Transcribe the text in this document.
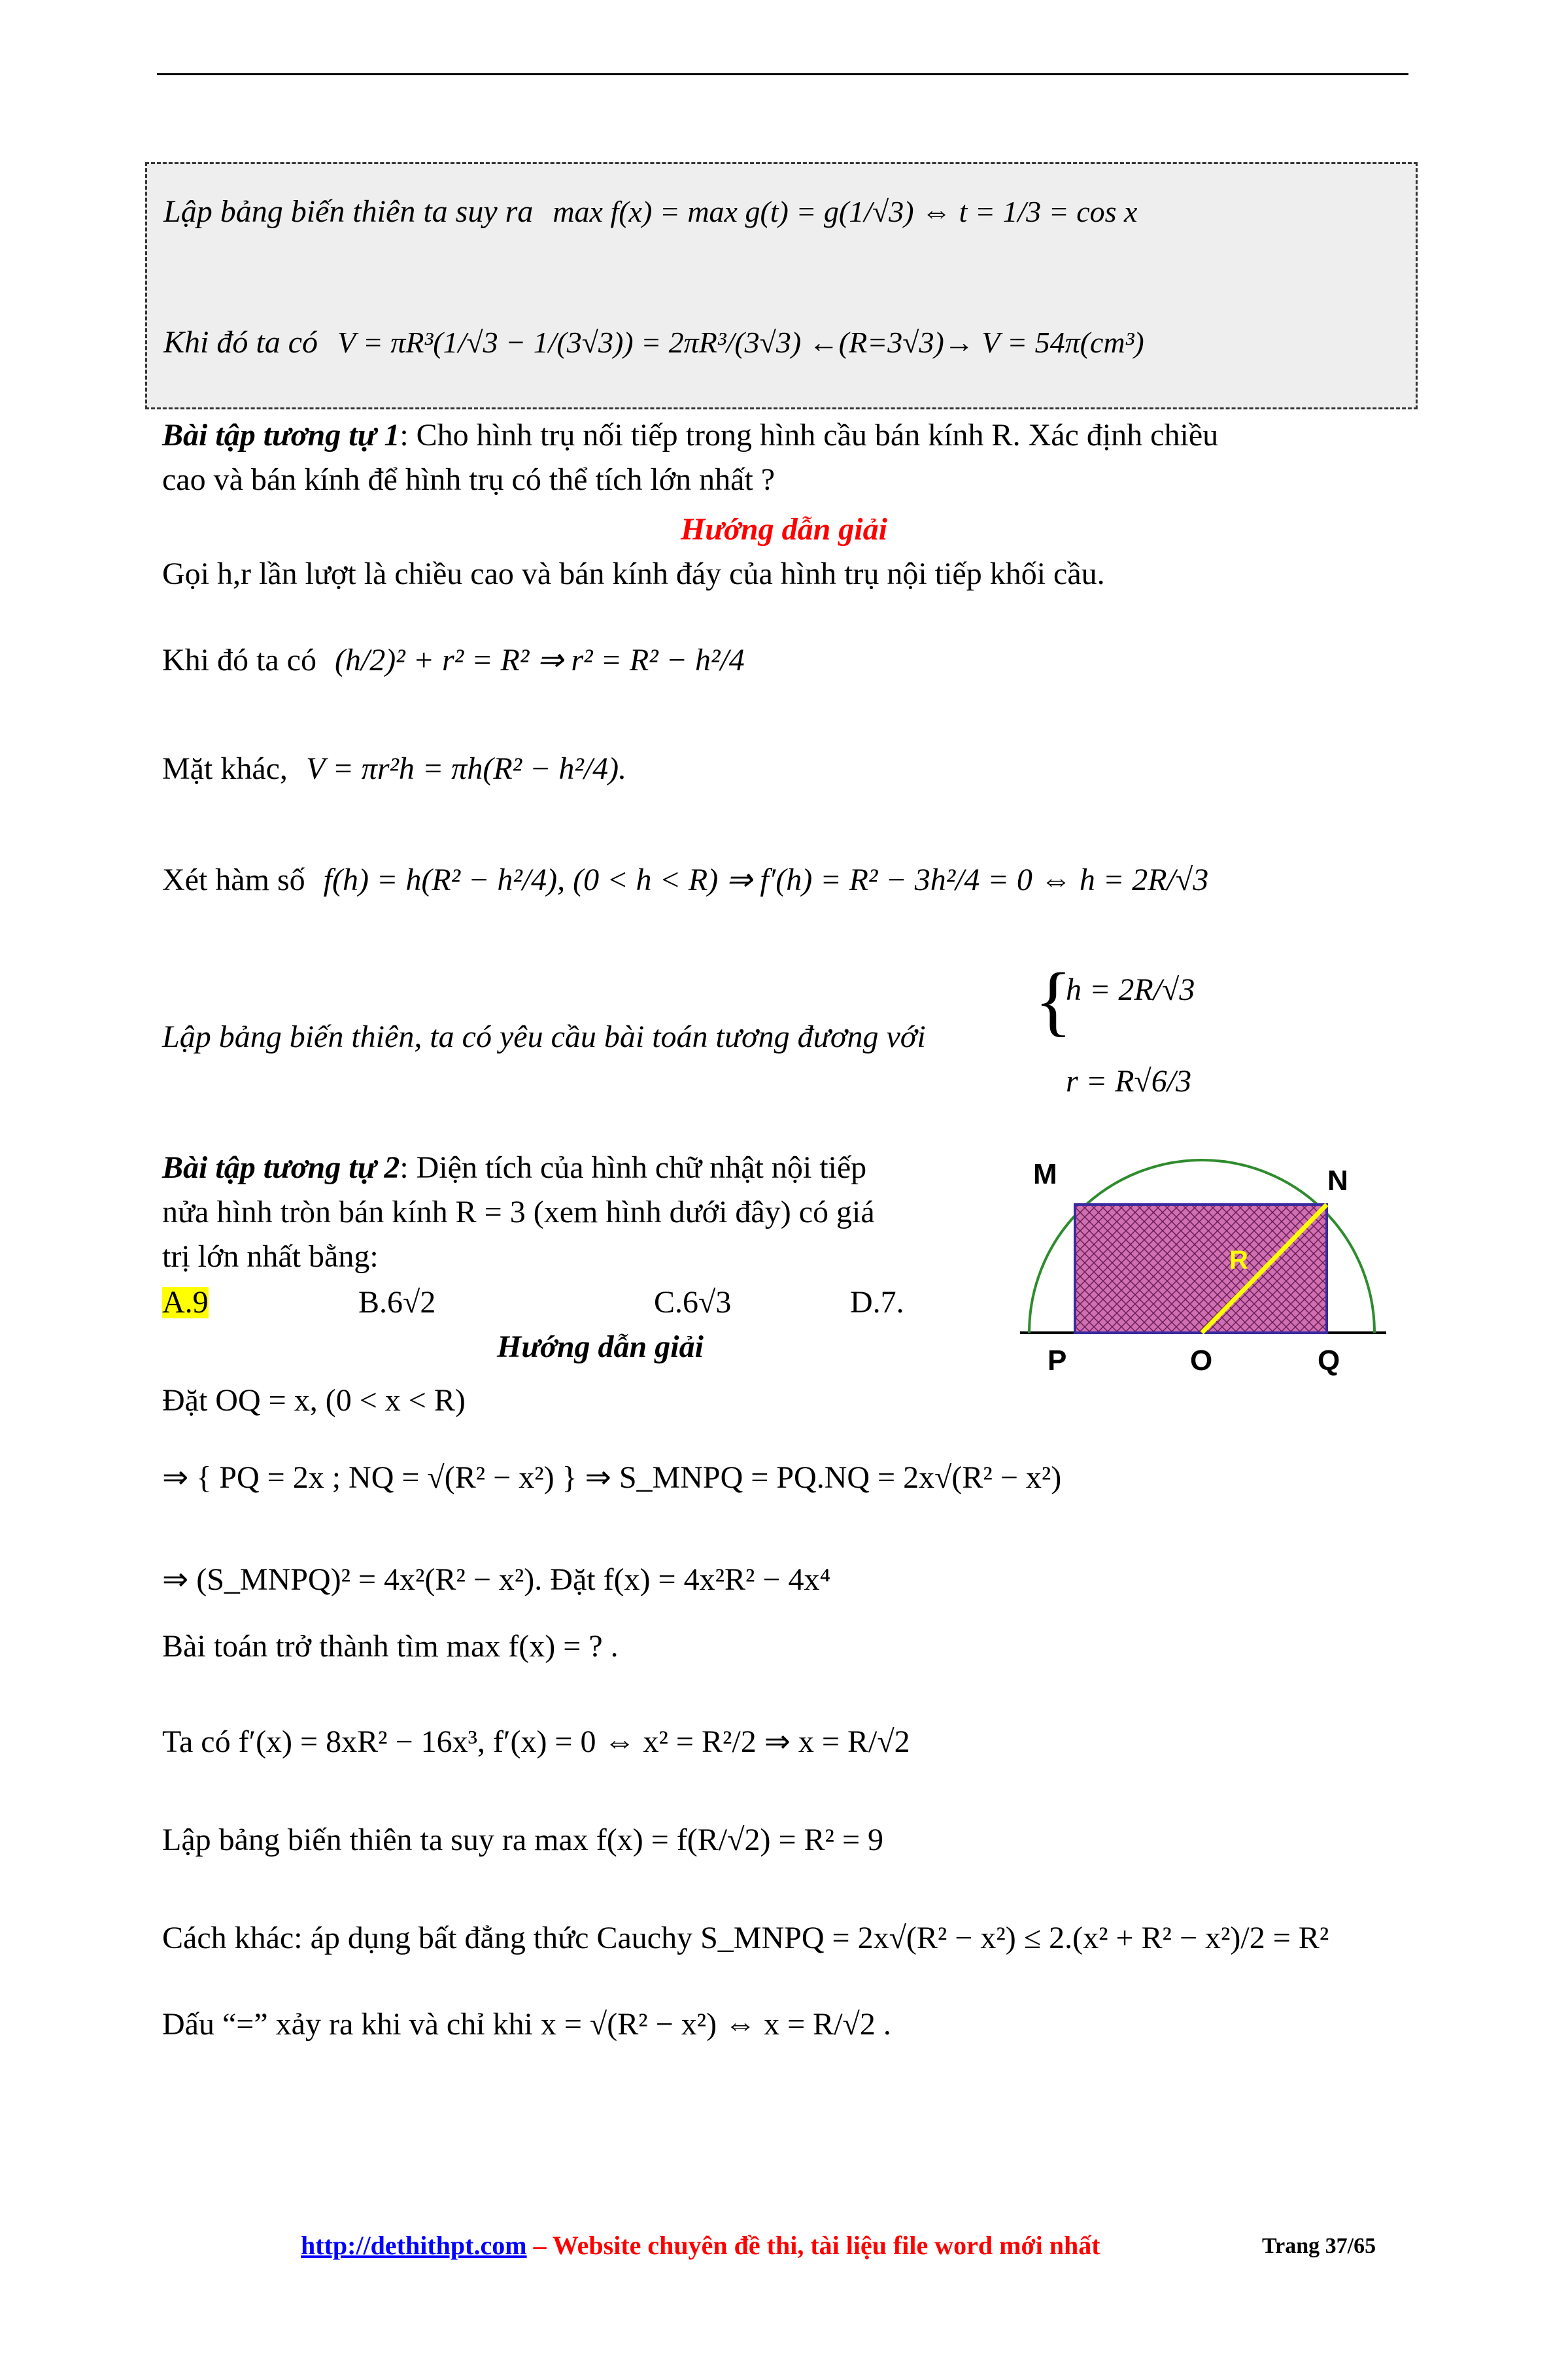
Lập bảng biến thiên ta suy ra max f(x) = max g(t) = g(1/√3) ⇔ t = 1/3 = cos x
Khi đó ta có V = πR³(1/√3 − 1/(3√3)) = 2πR³/(3√3) ←(R=3√3)→ V = 54π(cm³)
Bài tập tương tự 1: Cho hình trụ nối tiếp trong hình cầu bán kính R. Xác định chiều
cao và bán kính để hình trụ có thể tích lớn nhất ?
Hướng dẫn giải
Gọi h,r lần lượt là chiều cao và bán kính đáy của hình trụ nội tiếp khối cầu.
Khi đó ta có (h/2)² + r² = R² ⇒ r² = R² − h²/4
Mặt khác, V = πr²h = πh(R² − h²/4).
Xét hàm số f(h) = h(R² − h²/4), (0 < h < R) ⇒ f′(h) = R² − 3h²/4 = 0 ⇔ h = 2R/√3
Lập bảng biến thiên, ta có yêu cầu bài toán tương đương với {
h = 2R/√3
r = R√6/3
Bài tập tương tự 2: Diện tích của hình chữ nhật nội tiếp
nửa hình tròn bán kính R = 3 (xem hình dưới đây) có giá
trị lớn nhất bằng:
A.9	B.6√2	C.6√3	D.7.
Hướng dẫn giải
M	N
P	O	Q
R
Đặt OQ = x, (0 < x < R)
⇒ { PQ = 2x ; NQ = √(R² − x²) } ⇒ S_MNPQ = PQ.NQ = 2x√(R² − x²)
⇒ (S_MNPQ)² = 4x²(R² − x²). Đặt f(x) = 4x²R² − 4x⁴
Bài toán trở thành tìm max f(x) = ? .
Ta có f′(x) = 8xR² − 16x³, f′(x) = 0 ⇔ x² = R²/2 ⇒ x = R/√2
Lập bảng biến thiên ta suy ra max f(x) = f(R/√2) = R² = 9
Cách khác: áp dụng bất đẳng thức Cauchy S_MNPQ = 2x√(R² − x²) ≤ 2.(x² + R² − x²)/2 = R²
Dấu “=” xảy ra khi và chỉ khi x = √(R² − x²) ⇔ x = R/√2 .
http://dethithpt.com – Website chuyên đề thi, tài liệu file word mới nhất	Trang 37/65
